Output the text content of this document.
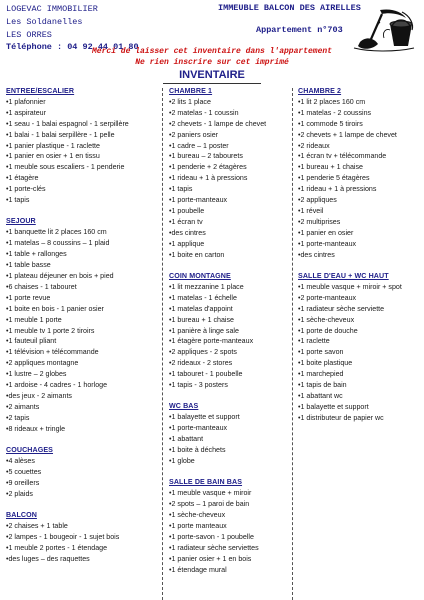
LOGEVAC IMMOBILIER
Les Soldanelles
LES ORRES
Téléphone : 04 92 44 01 80
IMMEUBLE BALCON DES AIRELLES
Appartement n°703
Merci de laisser cet inventaire dans l'appartement
Ne rien inscrire sur cet imprimé
INVENTAIRE
ENTREE/ESCALIER
•1 plafonnier
•1 aspirateur
•1 seau - 1 balai espagnol - 1 serpillère
•1 balai - 1 balai serpillère - 1 pelle
•1 panier plastique - 1 raclette
•1 panier en osier + 1 en tissu
•1 meuble sous escaliers - 1 penderie
•1 étagère
•1 porte-clés
•1 tapis
SEJOUR
•1 banquette lit 2 places 160 cm
•1 matelas – 8 coussins – 1 plaid
•1 table + rallonges
•1 table basse
•1 plateau déjeuner en bois + pied
•6 chaises - 1 tabouret
•1 porte revue
•1 boite en bois - 1 panier osier
•1 meuble 1 porte
•1 meuble tv 1 porte 2 tiroirs
•1 fauteuil pliant
•1 télévision + télécommande
•2 appliques montagne
•1 lustre – 2 globes
•1 ardoise - 4 cadres - 1 horloge
•des jeux - 2 aimants
•2 aimants
•2 tapis
•8 rideaux + tringle
COUCHAGES
•4 alèses
•5 couettes
•9 oreillers
•2 plaids
BALCON
•2 chaises + 1 table
•2 lampes - 1 bougeoir - 1 sujet bois
•1 meuble 2 portes - 1 étendage
•des luges – des raquettes
CHAMBRE 1
•2 lits 1 place
•2 matelas - 1 coussin
•2 chevets - 1 lampe de chevet
•2 paniers osier
•1 cadre – 1 poster
•1 bureau – 2 tabourets
•1 penderie + 2 étagères
•1 rideau + 1 à pressions
•1 tapis
•1 porte-manteaux
•1 poubelle
•1 écran tv
•des cintres
•1 applique
•1 boite en carton
COIN MONTAGNE
•1 lit mezzanine 1 place
•1 matelas - 1 échelle
•1 matelas d'appoint
•1 bureau + 1 chaise
•1 panière à linge sale
•1 étagère porte-manteaux
•2 appliques - 2 spots
•2 rideaux - 2 stores
•1 tabouret - 1 poubelle
•1 tapis - 3 posters
WC BAS
•1 balayette et support
•1 porte-manteaux
•1 abattant
•1 boite à déchets
•1 globe
SALLE DE BAIN BAS
•1 meuble vasque + miroir
•2 spots – 1 paroi de bain
•1 sèche-cheveux
•1 porte manteaux
•1 porte-savon - 1 poubelle
•1 radiateur sèche serviettes
•1 panier osier + 1 en bois
•1 étendage mural
CHAMBRE 2
•1 lit 2 places 160 cm
•1 matelas - 2 coussins
•1 commode 5 tiroirs
•2 chevets + 1 lampe de chevet
•2 rideaux
•1 écran tv + télécommande
•1 bureau + 1 chaise
•1 penderie 5 étagères
•1 rideau + 1 à pressions
•2 appliques
•1 réveil
•2 multiprises
•1 panier en osier
•1 porte-manteaux
•des cintres
SALLE D'EAU + WC HAUT
•1 meuble vasque + miroir + spot
•2 porte-manteaux
•1 radiateur sèche serviette
•1 sèche-cheveux
•1 porte de douche
•1 raclette
•1 porte savon
•1 boite plastique
•1 marchepied
•1 tapis de bain
•1 abattant wc
•1 balayette et support
•1 distributeur de papier wc
